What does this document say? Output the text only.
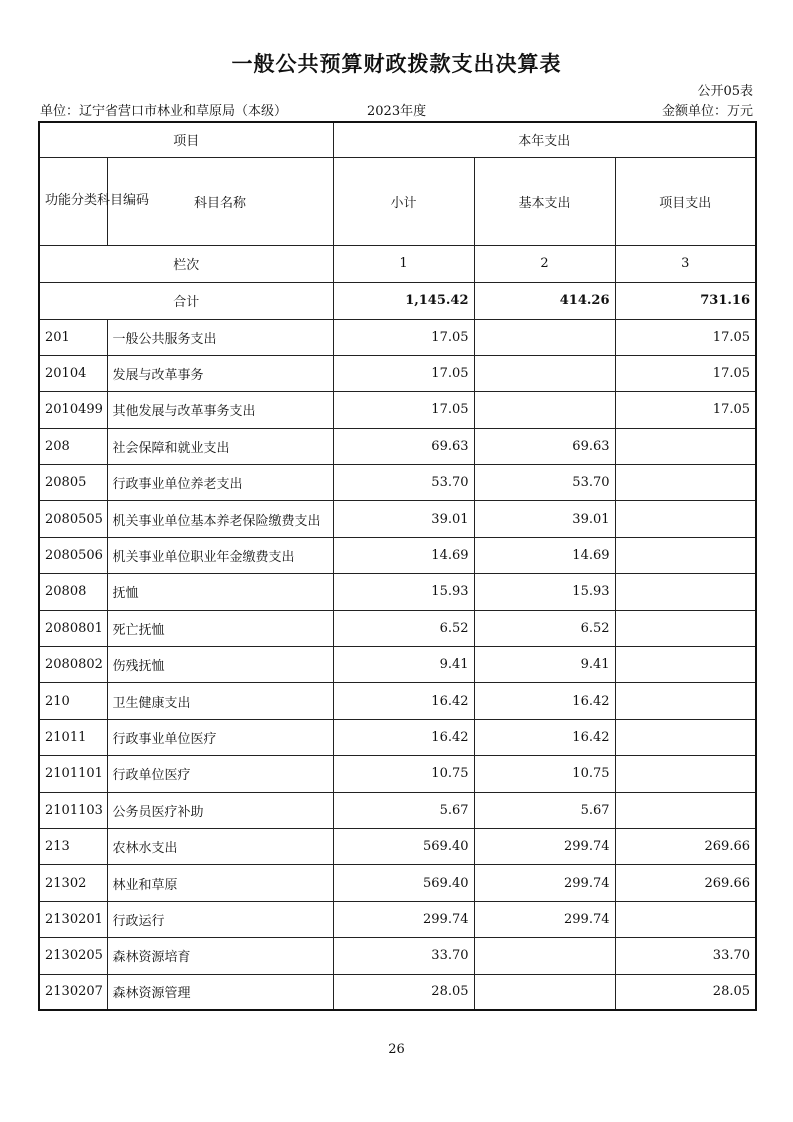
一般公共预算财政拨款支出决算表
公开05表
单位：辽宁省营口市林业和草原局（本级）	2023年度	金额单位：万元
项目		本年支出		
功能分类科目编码	科目名称	小计	基本支出	项目支出
栏次		1	2	3
合计		1,145.42	414.26	731.16
201	一般公共服务支出	17.05		17.05
20104	发展与改革事务	17.05		17.05
2010499	其他发展与改革事务支出	17.05		17.05
208	社会保障和就业支出	69.63	69.63	
20805	行政事业单位养老支出	53.70	53.70	
2080505	机关事业单位基本养老保险缴费支出	39.01	39.01	
2080506	机关事业单位职业年金缴费支出	14.69	14.69	
20808	抚恤	15.93	15.93	
2080801	死亡抚恤	6.52	6.52	
2080802	伤残抚恤	9.41	9.41	
210	卫生健康支出	16.42	16.42	
21011	行政事业单位医疗	16.42	16.42	
2101101	行政单位医疗	10.75	10.75	
2101103	公务员医疗补助	5.67	5.67	
213	农林水支出	569.40	299.74	269.66
21302	林业和草原	569.40	299.74	269.66
2130201	行政运行	299.74	299.74	
2130205	森林资源培育	33.70		33.70
2130207	森林资源管理	28.05		28.05
26
